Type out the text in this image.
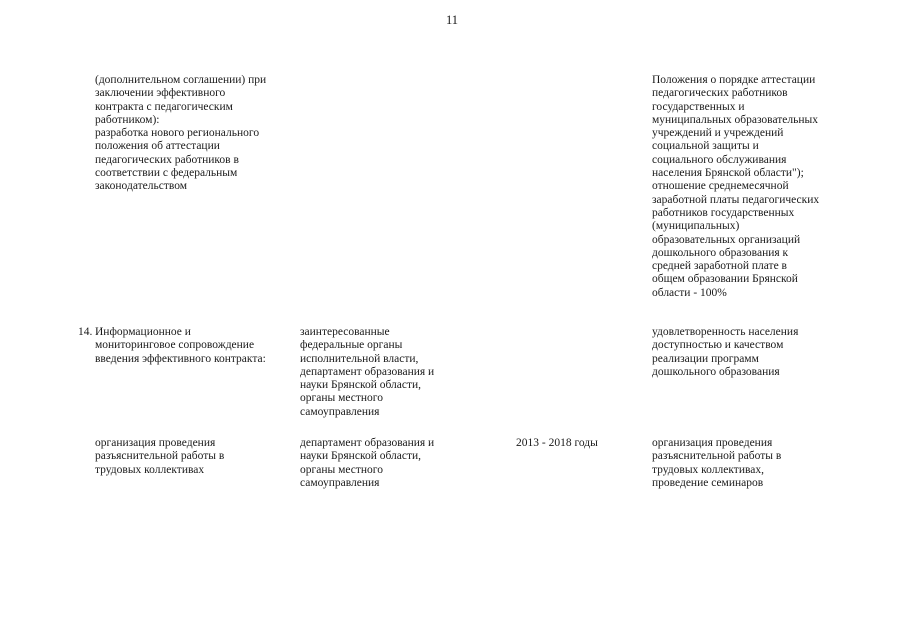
11
(дополнительном соглашении) при
заключении эффективного
контракта с педагогическим
работником):
разработка нового регионального
положения об аттестации
педагогических работников в
соответствии с федеральным
законодательством
Положения о порядке аттестации
педагогических работников
государственных и
муниципальных образовательных
учреждений и учреждений
социальной защиты и
социального обслуживания
населения Брянской области");
отношение среднемесячной
заработной платы педагогических
работников государственных
(муниципальных)
образовательных организаций
дошкольного образования к
средней заработной плате в
общем образовании Брянской
области - 100%
14. Информационное и
мониторинговое сопровождение
введения эффективного контракта:
заинтересованные
федеральные органы
исполнительной власти,
департамент образования и
науки Брянской области,
органы местного
самоуправления
удовлетворенность населения
доступностью и качеством
реализации программ
дошкольного образования
организация проведения
разъяснительной работы в
трудовых коллективах
департамент образования и
науки Брянской области,
органы местного
самоуправления
2013 - 2018 годы	организация проведения
разъяснительной работы в
трудовых коллективах,
проведение семинаров
